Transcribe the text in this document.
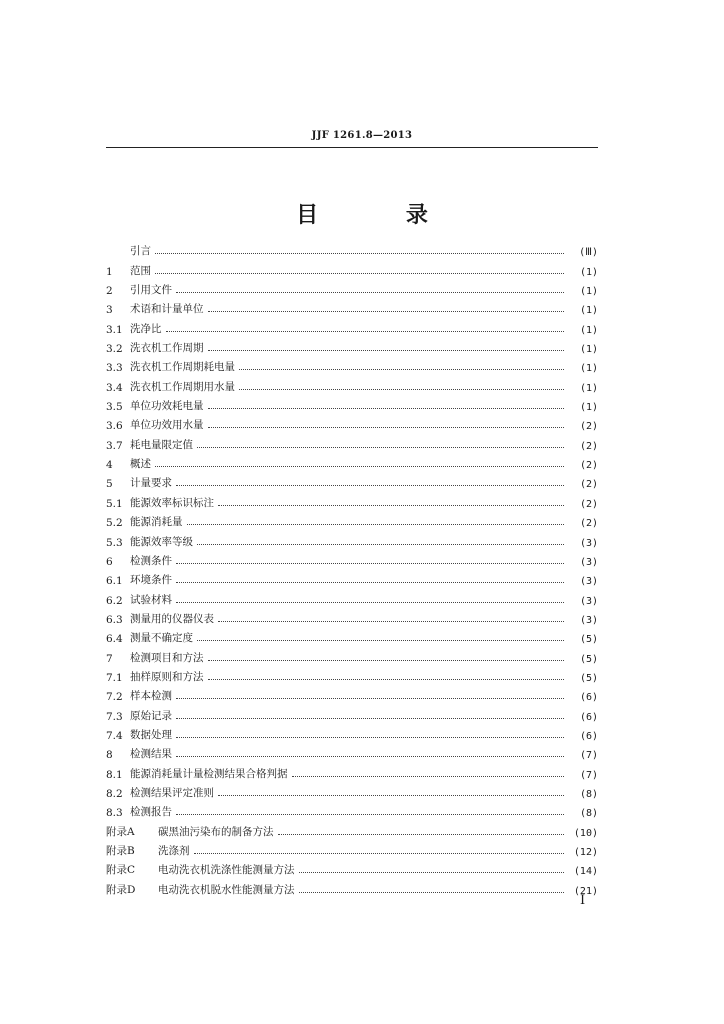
JJF 1261.8—2013
目 录
引言	(Ⅲ)
1	范围	(1)
2	引用文件	(1)
3	术语和计量单位	(1)
3.1 洗净比	(1)
3.2 洗衣机工作周期	(1)
3.3 洗衣机工作周期耗电量	(1)
3.4 洗衣机工作周期用水量	(1)
3.5 单位功效耗电量	(1)
3.6 单位功效用水量	(2)
3.7 耗电量限定值	(2)
4	概述	(2)
5	计量要求	(2)
5.1 能源效率标识标注	(2)
5.2 能源消耗量	(2)
5.3 能源效率等级	(3)
6	检测条件	(3)
6.1 环境条件	(3)
6.2 试验材料	(3)
6.3 测量用的仪器仪表	(3)
6.4 测量不确定度	(5)
7	检测项目和方法	(5)
7.1 抽样原则和方法	(5)
7.2 样本检测	(6)
7.3 原始记录	(6)
7.4 数据处理	(6)
8	检测结果	(7)
8.1 能源消耗量计量检测结果合格判据	(7)
8.2 检测结果评定准则	(8)
8.3 检测报告	(8)
附录A	碳黑油污染布的制备方法	(10)
附录B	洗涤剂	(12)
附录C	电动洗衣机洗涤性能测量方法	(14)
附录D	电动洗衣机脱水性能测量方法	(21)
I
